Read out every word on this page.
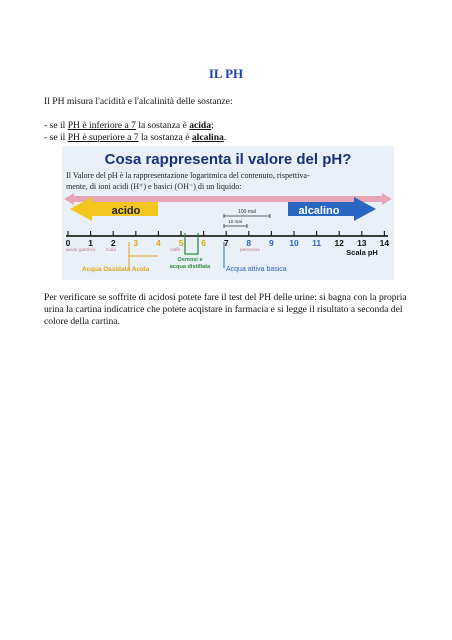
IL PH

Il PH misura l'acidità e l'alcalinità delle sostanze:

- se il PH è inferiore a 7 la sostanza è acida;

- se il PH è superiore a 7 la sostanza è alcalina.

Cosa rappresenta il valore del pH?
Il Valore del pH è la rappresentazione logaritmica del contenuto, rispettiva-
mente, di ioni acidi (H⁺) e basici (OH⁻) di un liquido:
acido	alcalino
100 mal
10 mal
0 1 2 3 4 5 6 7 8 9 10 11 12 13 14
acido gastrico Cola	caffè	pancreas
Osmosi e
acqua distillata
Acqua Ossidata Acida	Acqua attiva basica
Scala pH

Per verificare se soffrite di acidosi potete fare il test del PH delle urine: si bagna con la propria urina la cartina indicatrice che potete acqistare in farmacia e si legge il risultato a seconda del colore della cartina.
